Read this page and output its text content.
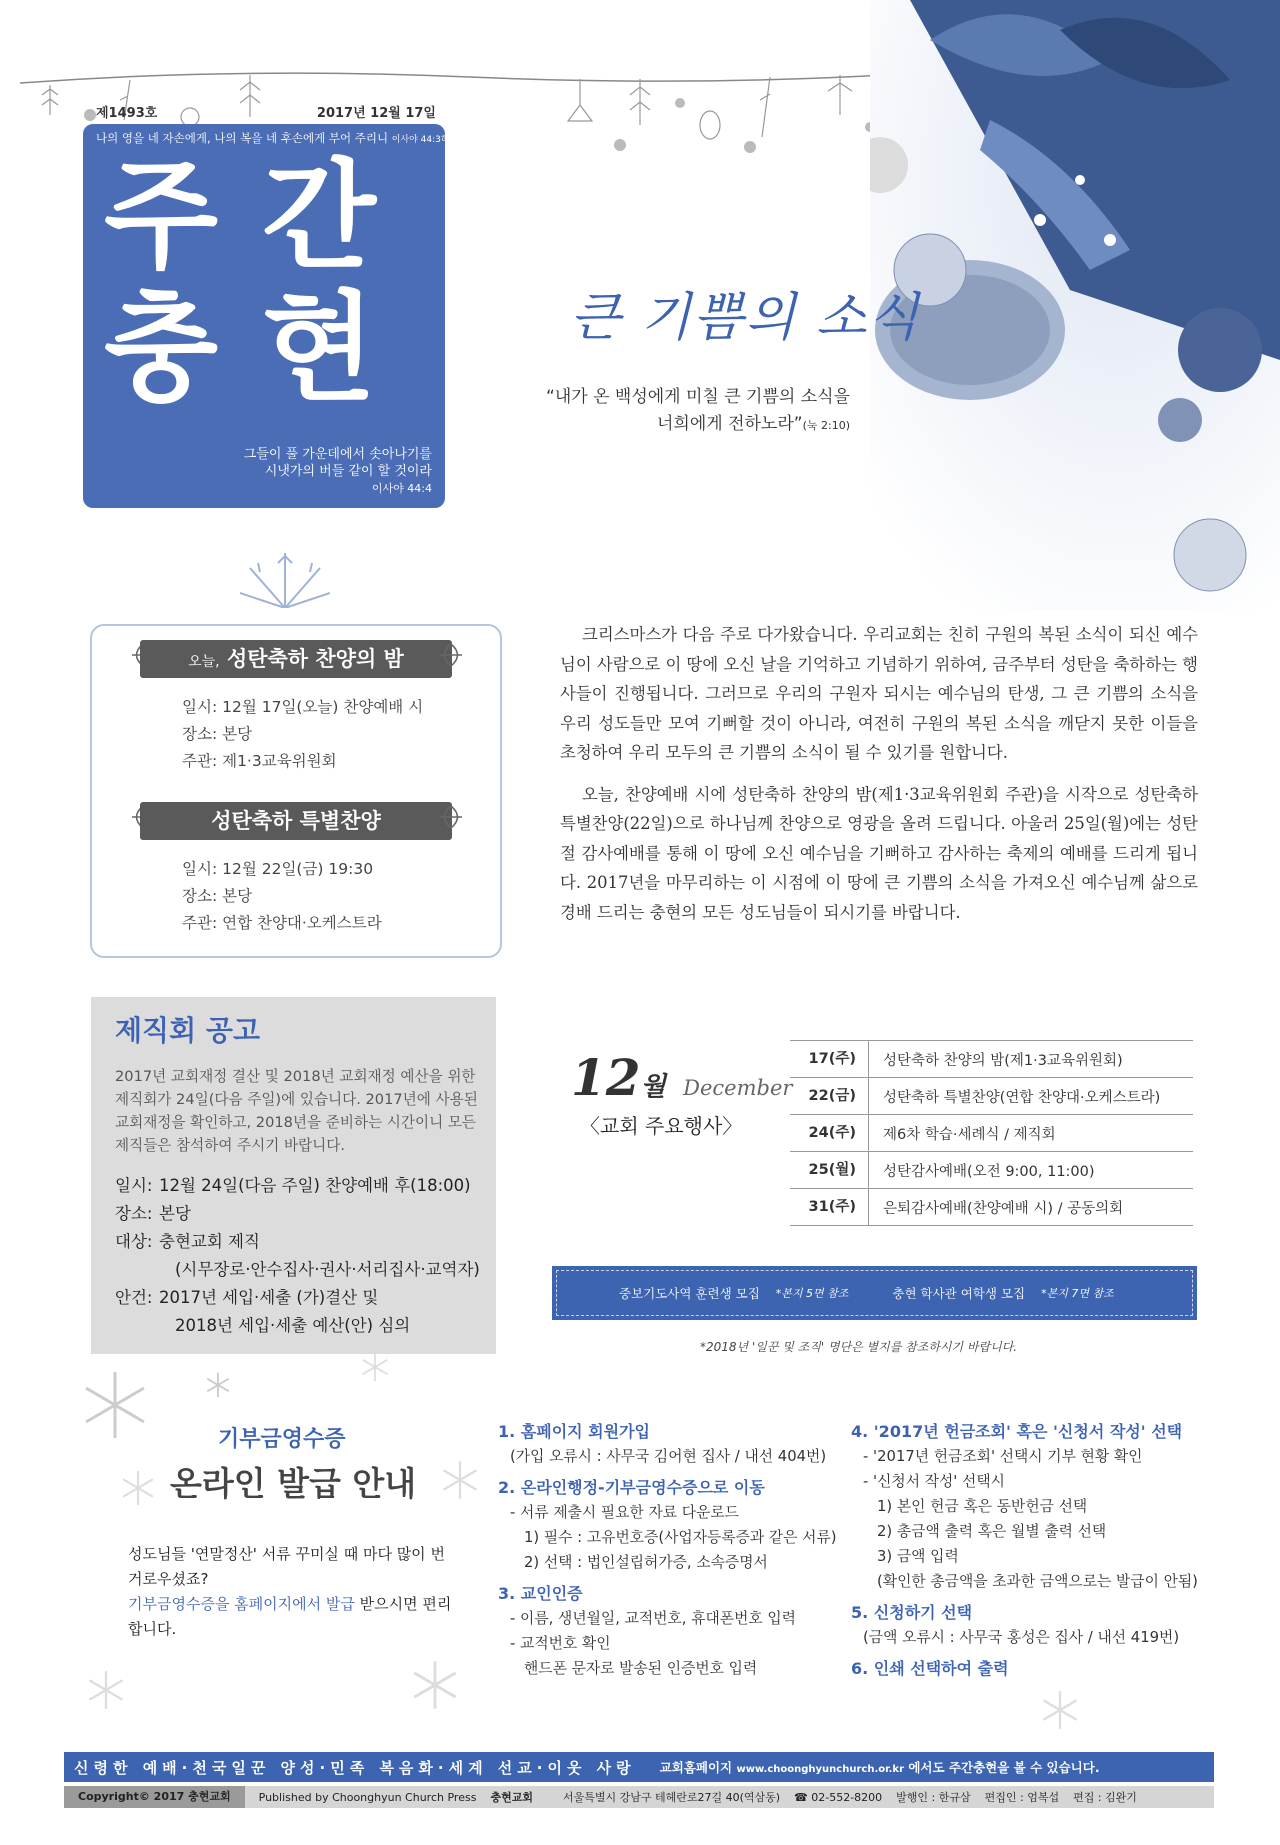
제1493호	2017년 12월 17일
나의 영을 네 자손에게, 나의 복을 네 후손에게 부어 주리니 이사야 44:3하
주간
충현
그들이 풀 가운데에서 솟아나기를
시냇가의 버들 같이 할 것이라
이사야 44:4
큰 기쁨의 소식
“내가 온 백성에게 미칠 큰 기쁨의 소식을
너희에게 전하노라”(눅 2:10)
오늘, 성탄축하 찬양의 밤
일시: 12월 17일(오늘) 찬양예배 시
장소: 본당
주관: 제1·3교육위원회
성탄축하 특별찬양
일시: 12월 22일(금) 19:30
장소: 본당
주관: 연합 찬양대·오케스트라

크리스마스가 다음 주로 다가왔습니다. 우리교회는 친히 구원의 복된 소식이 되신 예수님이 사람으로 이 땅에 오신 날을 기억하고 기념하기 위하여, 금주부터 성탄을 축하하는 행사들이 진행됩니다. 그러므로 우리의 구원자 되시는 예수님의 탄생, 그 큰 기쁨의 소식을 우리 성도들만 모여 기뻐할 것이 아니라, 여전히 구원의 복된 소식을 깨닫지 못한 이들을 초청하여 우리 모두의 큰 기쁨의 소식이 될 수 있기를 원합니다.

오늘, 찬양예배 시에 성탄축하 찬양의 밤(제1·3교육위원회 주관)을 시작으로 성탄축하 특별찬양(22일)으로 하나님께 찬양으로 영광을 올려 드립니다. 아울러 25일(월)에는 성탄절 감사예배를 통해 이 땅에 오신 예수님을 기뻐하고 감사하는 축제의 예배를 드리게 됩니다. 2017년을 마무리하는 이 시점에 이 땅에 큰 기쁨의 소식을 가져오신 예수님께 삶으로 경배 드리는 충현의 모든 성도님들이 되시기를 바랍니다.

제직회 공고
2017년 교회재정 결산 및 2018년 교회재정 예산을 위한 제직회가 24일(다음 주일)에 있습니다. 2017년에 사용된 교회재정을 확인하고, 2018년을 준비하는 시간이니 모든 제직들은 참석하여 주시기 바랍니다.
일시: 12월 24일(다음 주일) 찬양예배 후(18:00)
장소: 본당
대상: 충현교회 제직
(시무장로·안수집사·권사·서리집사·교역자)
안건: 2017년 세입·세출 (가)결산 및
2018년 세입·세출 예산(안) 심의
12월 December
〈교회 주요행사〉
17(주)	성탄축하 찬양의 밤(제1·3교육위원회)
22(금)	성탄축하 특별찬양(연합 찬양대·오케스트라)
24(주)	제6차 학습·세례식 / 제직회
25(월)	성탄감사예배(오전 9:00, 11:00)
31(주)	은퇴감사예배(찬양예배 시) / 공동의회
중보기도사역 훈련생 모집 *본지 5면 참조	충현 학사관 여학생 모집 *본지 7면 참조
*2018년 '일꾼 및 조직' 명단은 별지를 참조하시기 바랍니다.
기부금영수증
온라인 발급 안내
성도님들 '연말정산' 서류 꾸미실 때 마다 많이 번거로우셨죠?
기부금영수증을 홈페이지에서 발급 받으시면 편리합니다.
1. 홈페이지 회원가입
(가입 오류시 : 사무국 김어현 집사 / 내선 404번)
2. 온라인행정-기부금영수증으로 이동
- 서류 제출시 필요한 자료 다운로드
1) 필수 : 고유번호증(사업자등록증과 같은 서류)
2) 선택 : 법인설립허가증, 소속증명서
3. 교인인증
- 이름, 생년월일, 교적번호, 휴대폰번호 입력
- 교적번호 확인
핸드폰 문자로 발송된 인증번호 입력
4. '2017년 헌금조회' 혹은 '신청서 작성' 선택
- '2017년 헌금조회' 선택시 기부 현황 확인
- '신청서 작성' 선택시
1) 본인 헌금 혹은 동반헌금 선택
2) 총금액 출력 혹은 월별 출력 선택
3) 금액 입력
(확인한 총금액을 초과한 금액으로는 발급이 안됨)
5. 신청하기 선택
(금액 오류시 : 사무국 홍성은 집사 / 내선 419번)
6. 인쇄 선택하여 출력
신령한 예배·천국일꾼 양성·민족 복음화·세계 선교·이웃 사랑 교회홈페이지 www.choonghyunchurch.or.kr 에서도 주간충현을 볼 수 있습니다.
Copyright© 2017 충현교회	Published by Choonghyun Church Press 충현교회	서울특별시 강남구 테헤란로27길 40(역삼동) ☎ 02-552-8200 발행인 : 한규삼 편집인 : 엄복섭 편집 : 김완기
